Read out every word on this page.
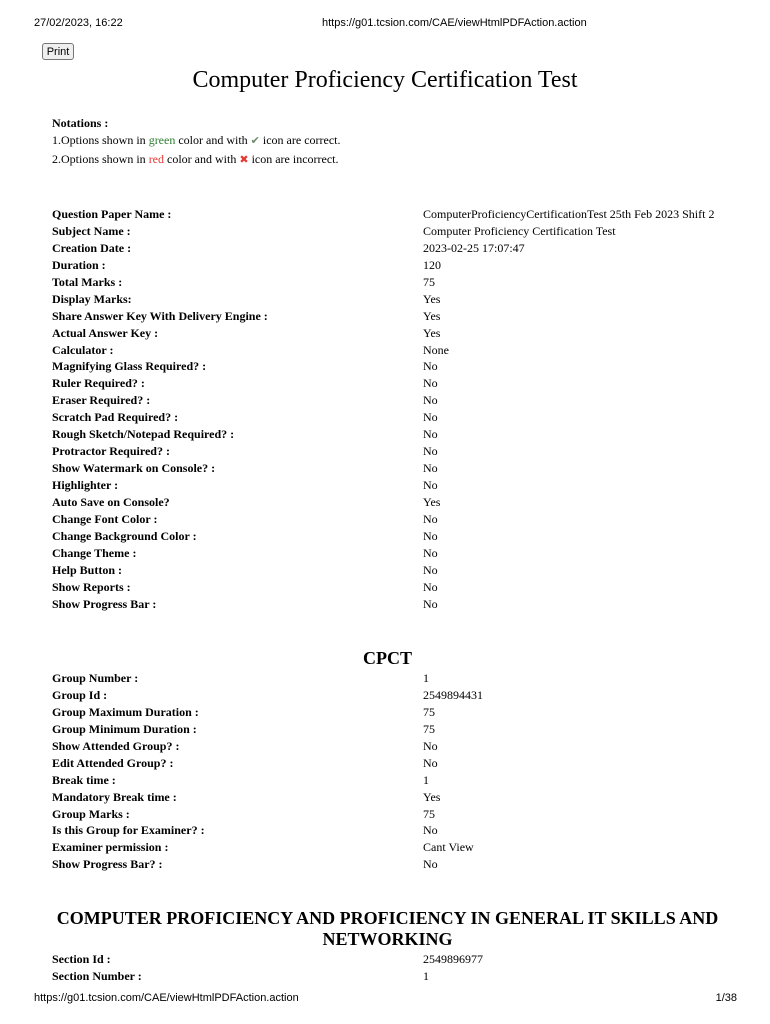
27/02/2023, 16:22	https://g01.tcsion.com/CAE/viewHtmlPDFAction.action
Print
Computer Proficiency Certification Test
Notations :
1.Options shown in green color and with ✔ icon are correct.
2.Options shown in red color and with ✖ icon are incorrect.
Question Paper Name :	ComputerProficiencyCertificationTest 25th Feb 2023 Shift 2
Subject Name :	Computer Proficiency Certification Test
Creation Date :	2023-02-25 17:07:47
Duration :	120
Total Marks :	75
Display Marks:	Yes
Share Answer Key With Delivery Engine :	Yes
Actual Answer Key :	Yes
Calculator :	None
Magnifying Glass Required? :	No
Ruler Required? :	No
Eraser Required? :	No
Scratch Pad Required? :	No
Rough Sketch/Notepad Required? :	No
Protractor Required? :	No
Show Watermark on Console? :	No
Highlighter :	No
Auto Save on Console?	Yes
Change Font Color :	No
Change Background Color :	No
Change Theme :	No
Help Button :	No
Show Reports :	No
Show Progress Bar :	No
CPCT
Group Number :	1
Group Id :	2549894431
Group Maximum Duration :	75
Group Minimum Duration :	75
Show Attended Group? :	No
Edit Attended Group? :	No
Break time :	1
Mandatory Break time :	Yes
Group Marks :	75
Is this Group for Examiner? :	No
Examiner permission :	Cant View
Show Progress Bar? :	No
COMPUTER PROFICIENCY AND PROFICIENCY IN GENERAL IT SKILLS AND NETWORKING
Section Id :	2549896977
Section Number :	1
https://g01.tcsion.com/CAE/viewHtmlPDFAction.action	1/38
